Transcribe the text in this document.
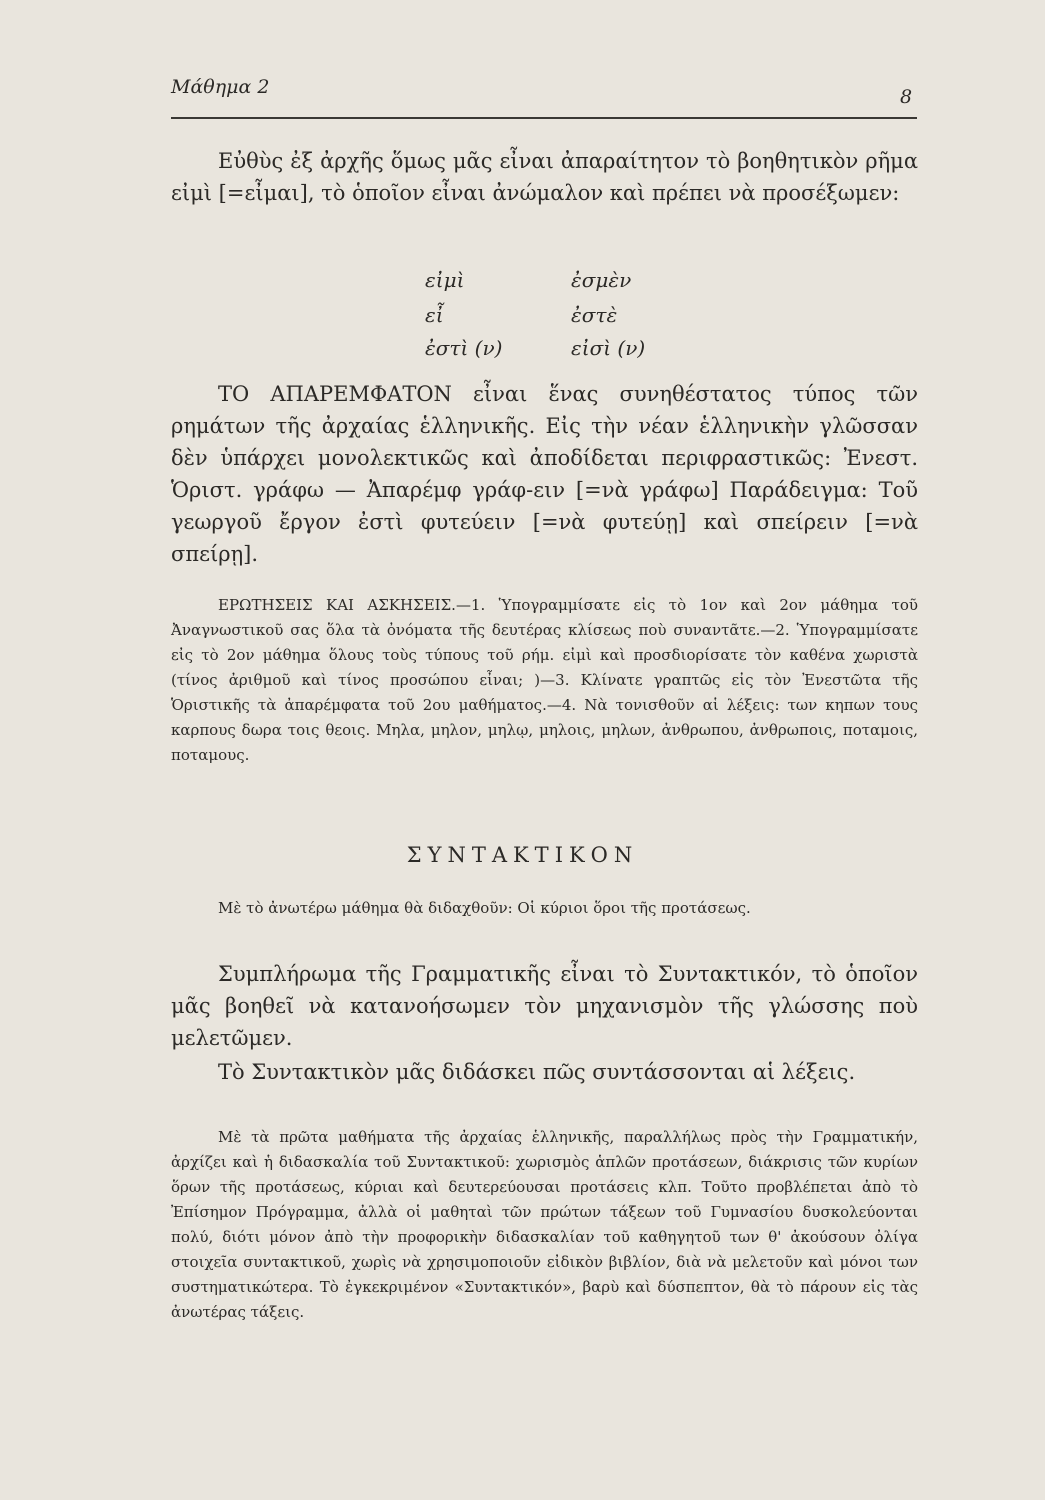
Μάθημα 2	8
Εὐθὺς ἐξ ἀρχῆς ὅμως μᾶς εἶναι ἀπαραίτητον τὸ βοηθητικὸν ρῆμα εἰμὶ [=εἶμαι], τὸ ὁποῖον εἶναι ἀνώμαλον καὶ πρέπει νὰ προσέξωμεν:
εἰμὶ	ἐσμὲν
εἶ	ἐστὲ
ἐστὶ (ν)	εἰσὶ (ν)
ΤΟ ΑΠΑΡΕΜΦΑΤΟΝ εἶναι ἕνας συνηθέστατος τύπος τῶν ρημάτων τῆς ἀρχαίας ἑλληνικῆς. Εἰς τὴν νέαν ἑλληνικὴν γλῶσσαν δὲν ὑπάρχει μονολεκτικῶς καὶ ἀποδίδεται περιφραστικῶς: Ἐνεστ. Ὁριστ. γράφω — Ἀπαρέμφ γράφ-ειν [=νὰ γράφω] Παράδειγμα: Τοῦ γεωργοῦ ἔργον ἐστὶ φυτεύειν [=νὰ φυτεύῃ] καὶ σπείρειν [=νὰ σπείρῃ].
ΕΡΩΤΗΣΕΙΣ ΚΑΙ ΑΣΚΗΣΕΙΣ.—1. Ὑπογραμμίσατε εἰς τὸ 1ον καὶ 2ον μάθημα τοῦ Ἀναγνωστικοῦ σας ὅλα τὰ ὀνόματα τῆς δευτέρας κλίσεως ποὺ συναντᾶτε.—2. Ὑπογραμμίσατε εἰς τὸ 2ον μάθημα ὅλους τοὺς τύπους τοῦ ρήμ. εἰμὶ καὶ προσδιορίσατε τὸν καθένα χωριστὰ (τίνος ἀριθμοῦ καὶ τίνος προσώπου εἶναι; )—3. Κλίνατε γραπτῶς εἰς τὸν Ἐνεστῶτα τῆς Ὁριστικῆς τὰ ἀπαρέμφατα τοῦ 2ου μαθήματος.—4. Νὰ τονισθοῦν αἱ λέξεις: των κηπων τους καρπους δωρα τοις θεοις. Μηλα, μηλον, μηλῳ, μηλοις, μηλων, ἀνθρωπου, ἀνθρωποις, ποταμοις, ποταμους.
ΣΥΝΤΑΚΤΙΚΟΝ
Μὲ τὸ ἀνωτέρω μάθημα θὰ διδαχθοῦν: Οἱ κύριοι ὅροι τῆς προτάσεως.
Συμπλήρωμα τῆς Γραμματικῆς εἶναι τὸ Συντακτικόν, τὸ ὁποῖον μᾶς βοηθεῖ νὰ κατανοήσωμεν τὸν μηχανισμὸν τῆς γλώσσης ποὺ μελετῶμεν.
Τὸ Συντακτικὸν μᾶς διδάσκει πῶς συντάσσονται αἱ λέξεις.
Μὲ τὰ πρῶτα μαθήματα τῆς ἀρχαίας ἑλληνικῆς, παραλλήλως πρὸς τὴν Γραμματικήν, ἀρχίζει καὶ ἡ διδασκαλία τοῦ Συντακτικοῦ: χωρισμὸς ἁπλῶν προτάσεων, διάκρισις τῶν κυρίων ὅρων τῆς προτάσεως, κύριαι καὶ δευτερεύουσαι προτάσεις κλπ. Τοῦτο προβλέπεται ἀπὸ τὸ Ἐπίσημον Πρόγραμμα, ἀλλὰ οἱ μαθηταὶ τῶν πρώτων τάξεων τοῦ Γυμνασίου δυσκολεύονται πολύ, διότι μόνον ἀπὸ τὴν προφορικὴν διδασκαλίαν τοῦ καθηγητοῦ των θ' ἀκούσουν ὀλίγα στοιχεῖα συντακτικοῦ, χωρὶς νὰ χρησιμοποιοῦν εἰδικὸν βιβλίον, διὰ νὰ μελετοῦν καὶ μόνοι των συστηματικώτερα. Τὸ ἐγκεκριμένον «Συντακτικόν», βαρὺ καὶ δύσπεπτον, θὰ τὸ πάρουν εἰς τὰς ἀνωτέρας τάξεις.
